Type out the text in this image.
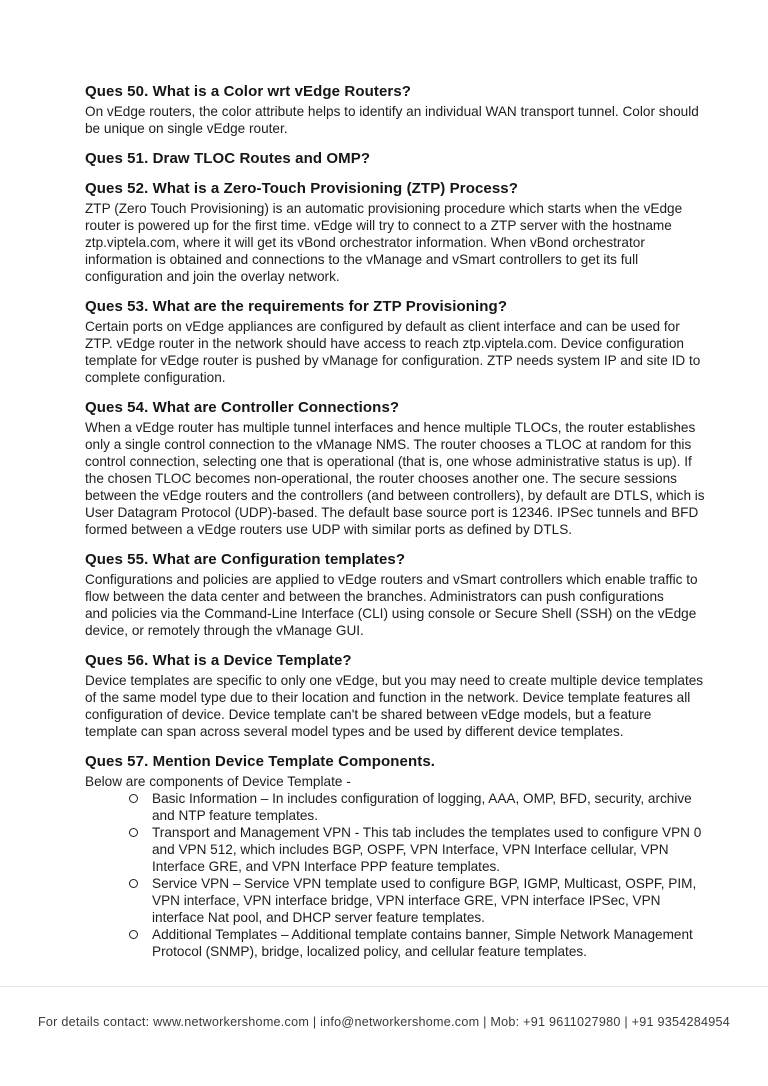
Ques 50. What is a Color wrt vEdge Routers?

On vEdge routers, the color attribute helps to identify an individual WAN transport tunnel. Color should be unique on single vEdge router.

Ques 51. Draw TLOC Routes and OMP?
Ques 52. What is a Zero-Touch Provisioning (ZTP) Process?

ZTP (Zero Touch Provisioning) is an automatic provisioning procedure which starts when the vEdge router is powered up for the first time. vEdge will try to connect to a ZTP server with the hostname ztp.viptela.com, where it will get its vBond orchestrator information. When vBond orchestrator information is obtained and connections to the vManage and vSmart controllers to get its full configuration and join the overlay network.

Ques 53. What are the requirements for ZTP Provisioning?

Certain ports on vEdge appliances are configured by default as client interface and can be used for ZTP. vEdge router in the network should have access to reach ztp.viptela.com. Device configuration template for vEdge router is pushed by vManage for configuration. ZTP needs system IP and site ID to complete configuration.

Ques 54. What are Controller Connections?

When a vEdge router has multiple tunnel interfaces and hence multiple TLOCs, the router establishes only a single control connection to the vManage NMS. The router chooses a TLOC at random for this control connection, selecting one that is operational (that is, one whose administrative status is up). If the chosen TLOC becomes non-operational, the router chooses another one. The secure sessions between the vEdge routers and the controllers (and between controllers), by default are DTLS, which is User Datagram Protocol (UDP)-based. The default base source port is 12346. IPSec tunnels and BFD formed between a vEdge routers use UDP with similar ports as defined by DTLS.

Ques 55. What are Configuration templates?

Configurations and policies are applied to vEdge routers and vSmart controllers which enable traffic to flow between the data center and between the branches. Administrators can push configurations

and policies via the Command-Line Interface (CLI) using console or Secure Shell (SSH) on the vEdge device, or remotely through the vManage GUI.

Ques 56. What is a Device Template?

Device templates are specific to only one vEdge, but you may need to create multiple device templates of the same model type due to their location and function in the network. Device template features all configuration of device. Device template can't be shared between vEdge models, but a feature template can span across several model types and be used by different device templates.

Ques 57. Mention Device Template Components.

Below are components of Device Template -

Basic Information – In includes configuration of logging, AAA, OMP, BFD, security, archive and NTP feature templates.
Transport and Management VPN - This tab includes the templates used to configure VPN 0 and VPN 512, which includes BGP, OSPF, VPN Interface, VPN Interface cellular, VPN Interface GRE, and VPN Interface PPP feature templates.
Service VPN – Service VPN template used to configure BGP, IGMP, Multicast, OSPF, PIM, VPN interface, VPN interface bridge, VPN interface GRE, VPN interface IPSec, VPN interface Nat pool, and DHCP server feature templates.
Additional Templates – Additional template contains banner, Simple Network Management Protocol (SNMP), bridge, localized policy, and cellular feature templates.
For details contact: www.networkershome.com | info@networkershome.com | Mob: +91 9611027980 | +91 9354284954
